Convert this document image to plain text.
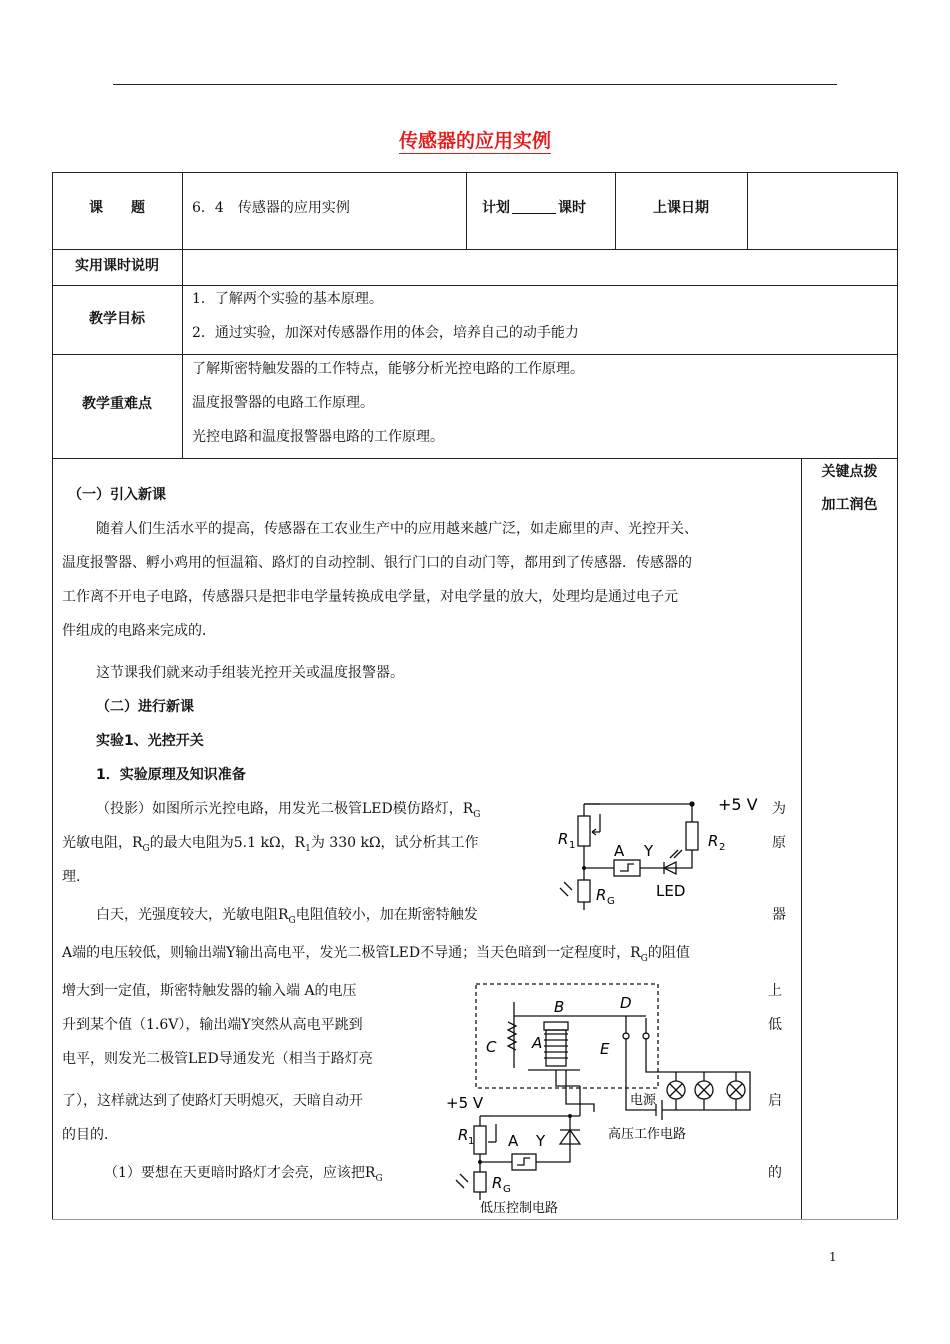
传感器的应用实例
课　　题	6．4　传感器的应用实例	计划	课时	上课日期
实用课时说明
教学目标
1．了解两个实验的基本原理。
2．通过实验，加深对传感器作用的体会，培养自己的动手能力
教学重难点
了解斯密特触发器的工作特点，能够分析光控电路的工作原理。
温度报警器的电路工作原理。
光控电路和温度报警器电路的工作原理。
关键点拨
加工润色
（一）引入新课
随着人们生活水平的提高，传感器在工农业生产中的应用越来越广泛，如走廊里的声、光控开关、
温度报警器、孵小鸡用的恒温箱、路灯的自动控制、银行门口的自动门等，都用到了传感器．传感器的
工作离不开电子电路，传感器只是把非电学量转换成电学量，对电学量的放大，处理均是通过电子元
件组成的电路来完成的．
这节课我们就来动手组装光控开关或温度报警器。
（二）进行新课
实验1、光控开关
1．实验原理及知识准备
（投影）如图所示光控电路，用发光二极管LED模仿路灯，$R_G$	为
光敏电阻，$R_G$的最大电阻为5.1 kΩ，$R_1$为 330 kΩ，试分析其工作	原
理．
白天，光强度较大，光敏电阻$R_G$电阻值较小，加在斯密特触发	器
A端的电压较低，则输出端Y输出高电平，发光二极管LED不导通；当天色暗到一定程度时，$R_G$的阻值
增大到一定值，斯密特触发器的输入端 A的电压
升到某个值（1.6V），输出端Y突然从高电平跳到
电平，则发光二极管LED导通发光（相当于路灯亮
了），这样就达到了使路灯天明熄灭，天暗自动开
的目的．
上
低
启
（1）要想在天更暗时路灯才会亮，应该把$R_G$	的
+5 V
R 1	R 2
A Y
LED
R G
B	D
C A	E
电源
高压工作电路
+5 V
R 1 A Y
R G
低压控制电路
1
